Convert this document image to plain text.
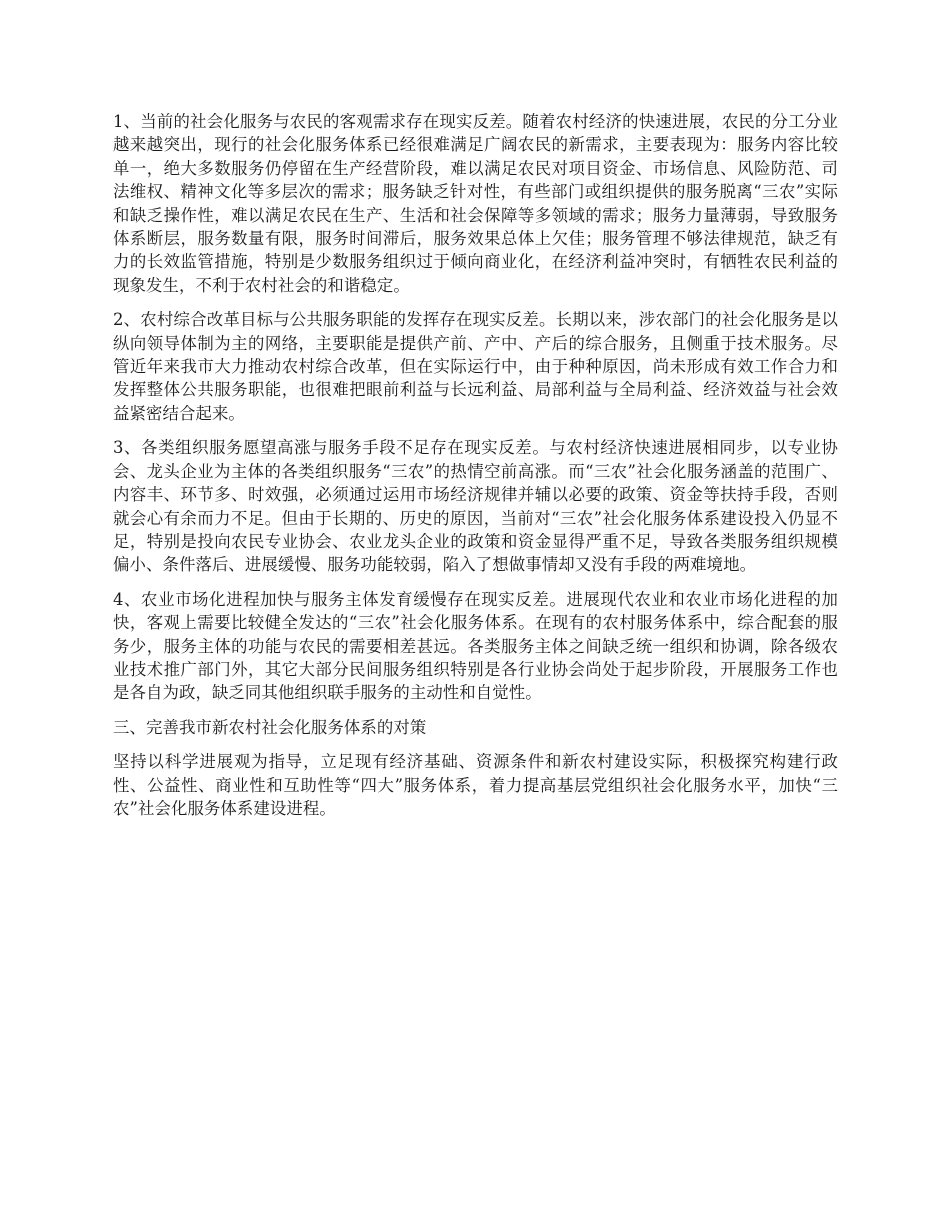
1、当前的社会化服务与农民的客观需求存在现实反差。随着农村经济的快速进展，农民的分工分业越来越突出，现行的社会化服务体系已经很难满足广阔农民的新需求，主要表现为：服务内容比较单一，绝大多数服务仍停留在生产经营阶段，难以满足农民对项目资金、市场信息、风险防范、司法维权、精神文化等多层次的需求；服务缺乏针对性，有些部门或组织提供的服务脱离“三农”实际和缺乏操作性，难以满足农民在生产、生活和社会保障等多领域的需求；服务力量薄弱，导致服务体系断层，服务数量有限，服务时间滞后，服务效果总体上欠佳；服务管理不够法律规范，缺乏有力的长效监管措施，特别是少数服务组织过于倾向商业化，在经济利益冲突时，有牺牲农民利益的现象发生，不利于农村社会的和谐稳定。

2、农村综合改革目标与公共服务职能的发挥存在现实反差。长期以来，涉农部门的社会化服务是以纵向领导体制为主的网络，主要职能是提供产前、产中、产后的综合服务，且侧重于技术服务。尽管近年来我市大力推动农村综合改革，但在实际运行中，由于种种原因，尚未形成有效工作合力和发挥整体公共服务职能，也很难把眼前利益与长远利益、局部利益与全局利益、经济效益与社会效益紧密结合起来。

3、各类组织服务愿望高涨与服务手段不足存在现实反差。与农村经济快速进展相同步，以专业协会、龙头企业为主体的各类组织服务“三农”的热情空前高涨。而“三农”社会化服务涵盖的范围广、内容丰、环节多、时效强，必须通过运用市场经济规律并辅以必要的政策、资金等扶持手段，否则就会心有余而力不足。但由于长期的、历史的原因，当前对“三农”社会化服务体系建设投入仍显不足，特别是投向农民专业协会、农业龙头企业的政策和资金显得严重不足，导致各类服务组织规模偏小、条件落后、进展缓慢、服务功能较弱，陷入了想做事情却又没有手段的两难境地。

4、农业市场化进程加快与服务主体发育缓慢存在现实反差。进展现代农业和农业市场化进程的加快，客观上需要比较健全发达的“三农”社会化服务体系。在现有的农村服务体系中，综合配套的服务少，服务主体的功能与农民的需要相差甚远。各类服务主体之间缺乏统一组织和协调，除各级农业技术推广部门外，其它大部分民间服务组织特别是各行业协会尚处于起步阶段，开展服务工作也是各自为政，缺乏同其他组织联手服务的主动性和自觉性。

三、完善我市新农村社会化服务体系的对策

坚持以科学进展观为指导，立足现有经济基础、资源条件和新农村建设实际，积极探究构建行政性、公益性、商业性和互助性等“四大”服务体系，着力提高基层党组织社会化服务水平，加快“三农”社会化服务体系建设进程。
